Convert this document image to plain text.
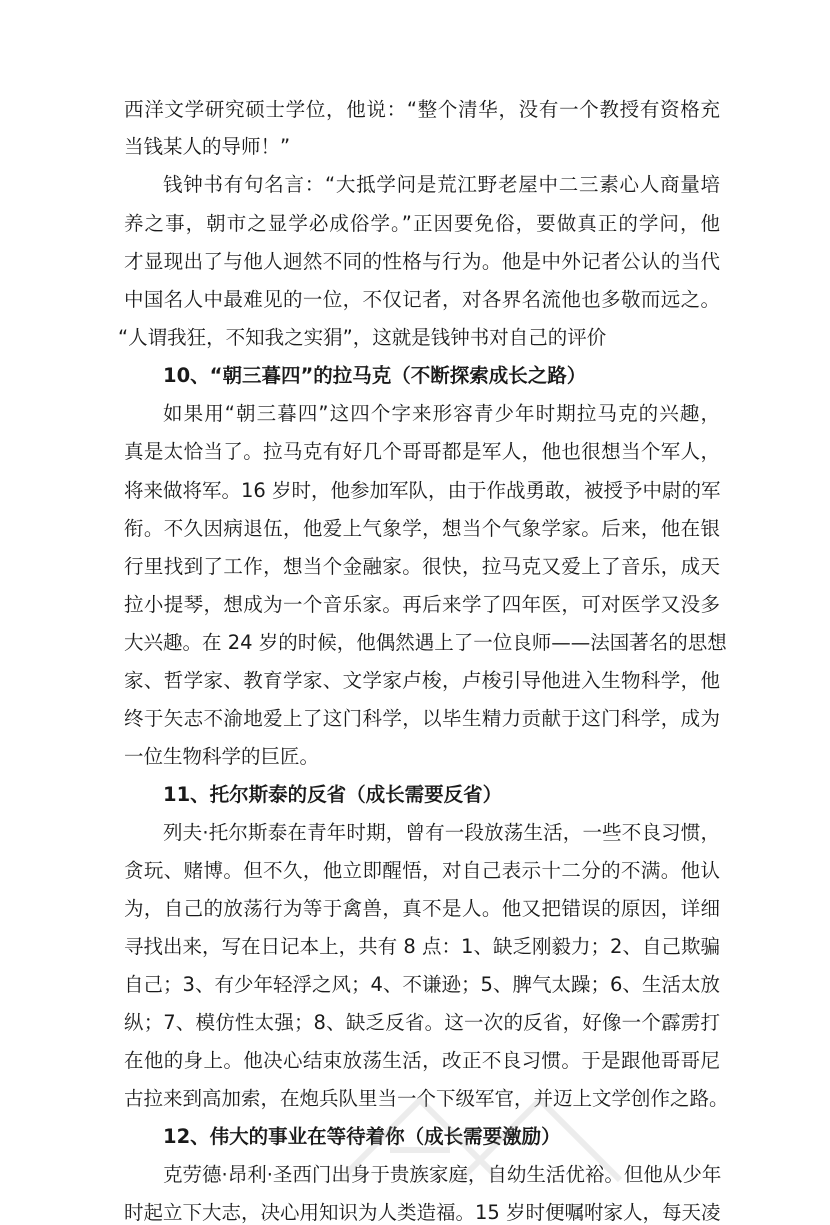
西洋文学研究硕士学位，他说：“整个清华，没有一个教授有资格充
当钱某人的导师！”
钱钟书有句名言：“大抵学问是荒江野老屋中二三素心人商量培
养之事，朝市之显学必成俗学。”正因要免俗，要做真正的学问，他
才显现出了与他人迥然不同的性格与行为。他是中外记者公认的当代
中国名人中最难见的一位，不仅记者，对各界名流他也多敬而远之。
“人谓我狂，不知我之实狷”，这就是钱钟书对自己的评价
10、“朝三暮四”的拉马克（不断探索成长之路）
如果用“朝三暮四”这四个字来形容青少年时期拉马克的兴趣，
真是太恰当了。拉马克有好几个哥哥都是军人，他也很想当个军人，
将来做将军。16 岁时，他参加军队，由于作战勇敢，被授予中尉的军
衔。不久因病退伍，他爱上气象学，想当个气象学家。后来，他在银
行里找到了工作，想当个金融家。很快，拉马克又爱上了音乐，成天
拉小提琴，想成为一个音乐家。再后来学了四年医，可对医学又没多
大兴趣。在 24 岁的时候，他偶然遇上了一位良师——法国著名的思想
家、哲学家、教育学家、文学家卢梭，卢梭引导他进入生物科学，他
终于矢志不渝地爱上了这门科学，以毕生精力贡献于这门科学，成为
一位生物科学的巨匠。
11、托尔斯泰的反省（成长需要反省）
列夫·托尔斯泰在青年时期，曾有一段放荡生活，一些不良习惯，
贪玩、赌博。但不久，他立即醒悟，对自己表示十二分的不满。他认
为，自己的放荡行为等于禽兽，真不是人。他又把错误的原因，详细
寻找出来，写在日记本上，共有 8 点：1、缺乏刚毅力；2、自己欺骗
自己；3、有少年轻浮之风；4、不谦逊；5、脾气太躁；6、生活太放
纵；7、模仿性太强；8、缺乏反省。这一次的反省，好像一个霹雳打
在他的身上。他决心结束放荡生活，改正不良习惯。于是跟他哥哥尼
古拉来到高加索，在炮兵队里当一个下级军官，并迈上文学创作之路。
12、伟大的事业在等待着你（成长需要激励）
克劳德·昂利·圣西门出身于贵族家庭，自幼生活优裕。但他从少年
时起立下大志，决心用知识为人类造福。15 岁时便嘱咐家人，每天凌
